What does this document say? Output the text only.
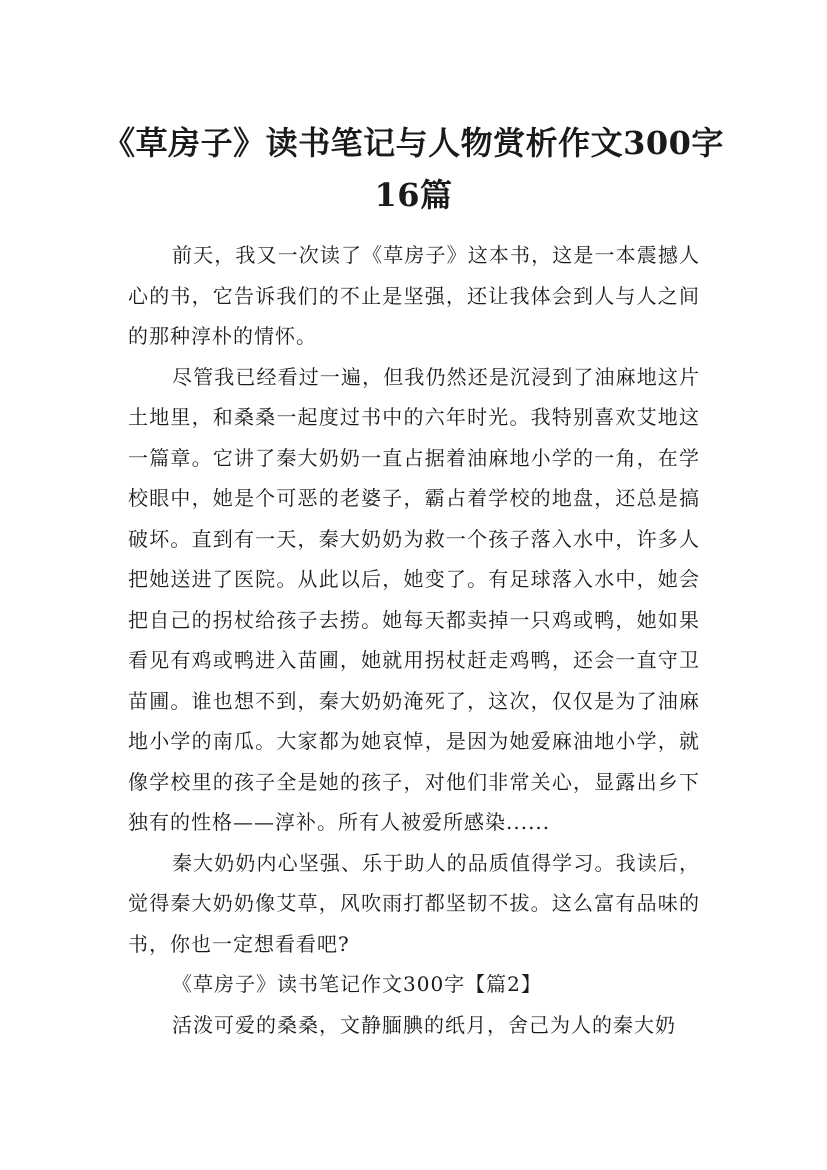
《草房子》读书笔记与人物赏析作文300字
16篇

前天，我又一次读了《草房子》这本书，这是一本震撼人心的书，它告诉我们的不止是坚强，还让我体会到人与人之间的那种淳朴的情怀。

尽管我已经看过一遍，但我仍然还是沉浸到了油麻地这片土地里，和桑桑一起度过书中的六年时光。我特别喜欢艾地这一篇章。它讲了秦大奶奶一直占据着油麻地小学的一角，在学校眼中，她是个可恶的老婆子，霸占着学校的地盘，还总是搞破坏。直到有一天，秦大奶奶为救一个孩子落入水中，许多人把她送进了医院。从此以后，她变了。有足球落入水中，她会把自己的拐杖给孩子去捞。她每天都卖掉一只鸡或鸭，她如果看见有鸡或鸭进入苗圃，她就用拐杖赶走鸡鸭，还会一直守卫苗圃。谁也想不到，秦大奶奶淹死了，这次，仅仅是为了油麻地小学的南瓜。大家都为她哀悼，是因为她爱麻油地小学，就像学校里的孩子全是她的孩子，对他们非常关心，显露出乡下独有的性格——淳补。所有人被爱所感染......

秦大奶奶内心坚强、乐于助人的品质值得学习。我读后，觉得秦大奶奶像艾草，风吹雨打都坚韧不拔。这么富有品味的书，你也一定想看看吧?

《草房子》读书笔记作文300字【篇2】

活泼可爱的桑桑，文静腼腆的纸月，舍己为人的秦大奶
